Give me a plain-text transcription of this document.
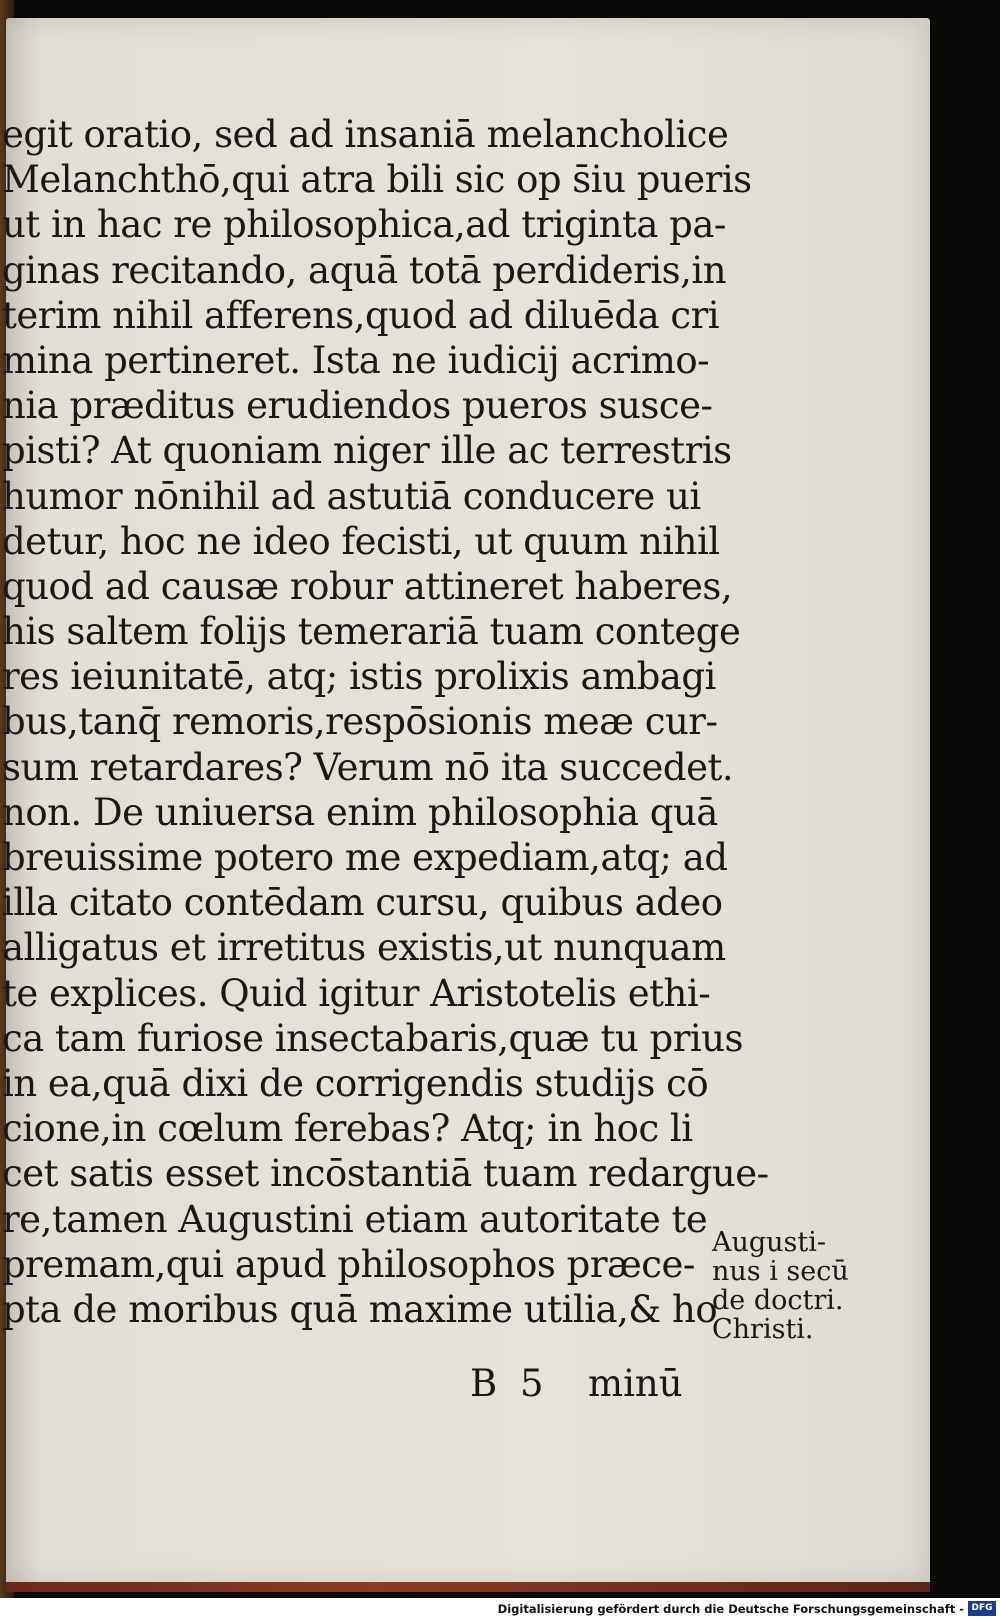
egit oratio, sed ad insaniā melancholice
Melanchthō,qui atra bili sic op s̄iu pueris
ut in hac re philosophica,ad triginta pa-
ginas recitando, aquā totā perdideris,in
terim nihil afferens,quod ad diluēda cri
mina pertineret. Ista ne iudicij acrimo-
nia præditus erudiendos pueros susce-
pisti? At quoniam niger ille ac terrestris
humor nōnihil ad astutiā conducere ui
detur, hoc ne ideo fecisti, ut quum nihil
quod ad causæ robur attineret haberes,
his saltem folijs temerariā tuam contege
res ieiunitatē, atq; istis prolixis ambagi
bus,tanq̄ remoris,respōsionis meæ cur-
sum retardares? Verum nō ita succedet.
non. De uniuersa enim philosophia quā
breuissime potero me expediam,atq; ad
illa citato contēdam cursu, quibus adeo
alligatus et irretitus existis,ut nunquam
te explices. Quid igitur Aristotelis ethi-
ca tam furiose insectabaris,quæ tu prius
in ea,quā dixi de corrigendis studijs cō
cione,in cœlum ferebas? Atq; in hoc li
cet satis esset incōstantiā tuam redargue-
re,tamen Augustini etiam autoritate te
premam,qui apud philosophos præce-
pta de moribus quā maxime utilia,& ho
Augusti-
nus i secū
de doctri.
Christi.
B 5 minū
Digitalisierung gefördert durch die Deutsche Forschungsgemeinschaft - DFG
